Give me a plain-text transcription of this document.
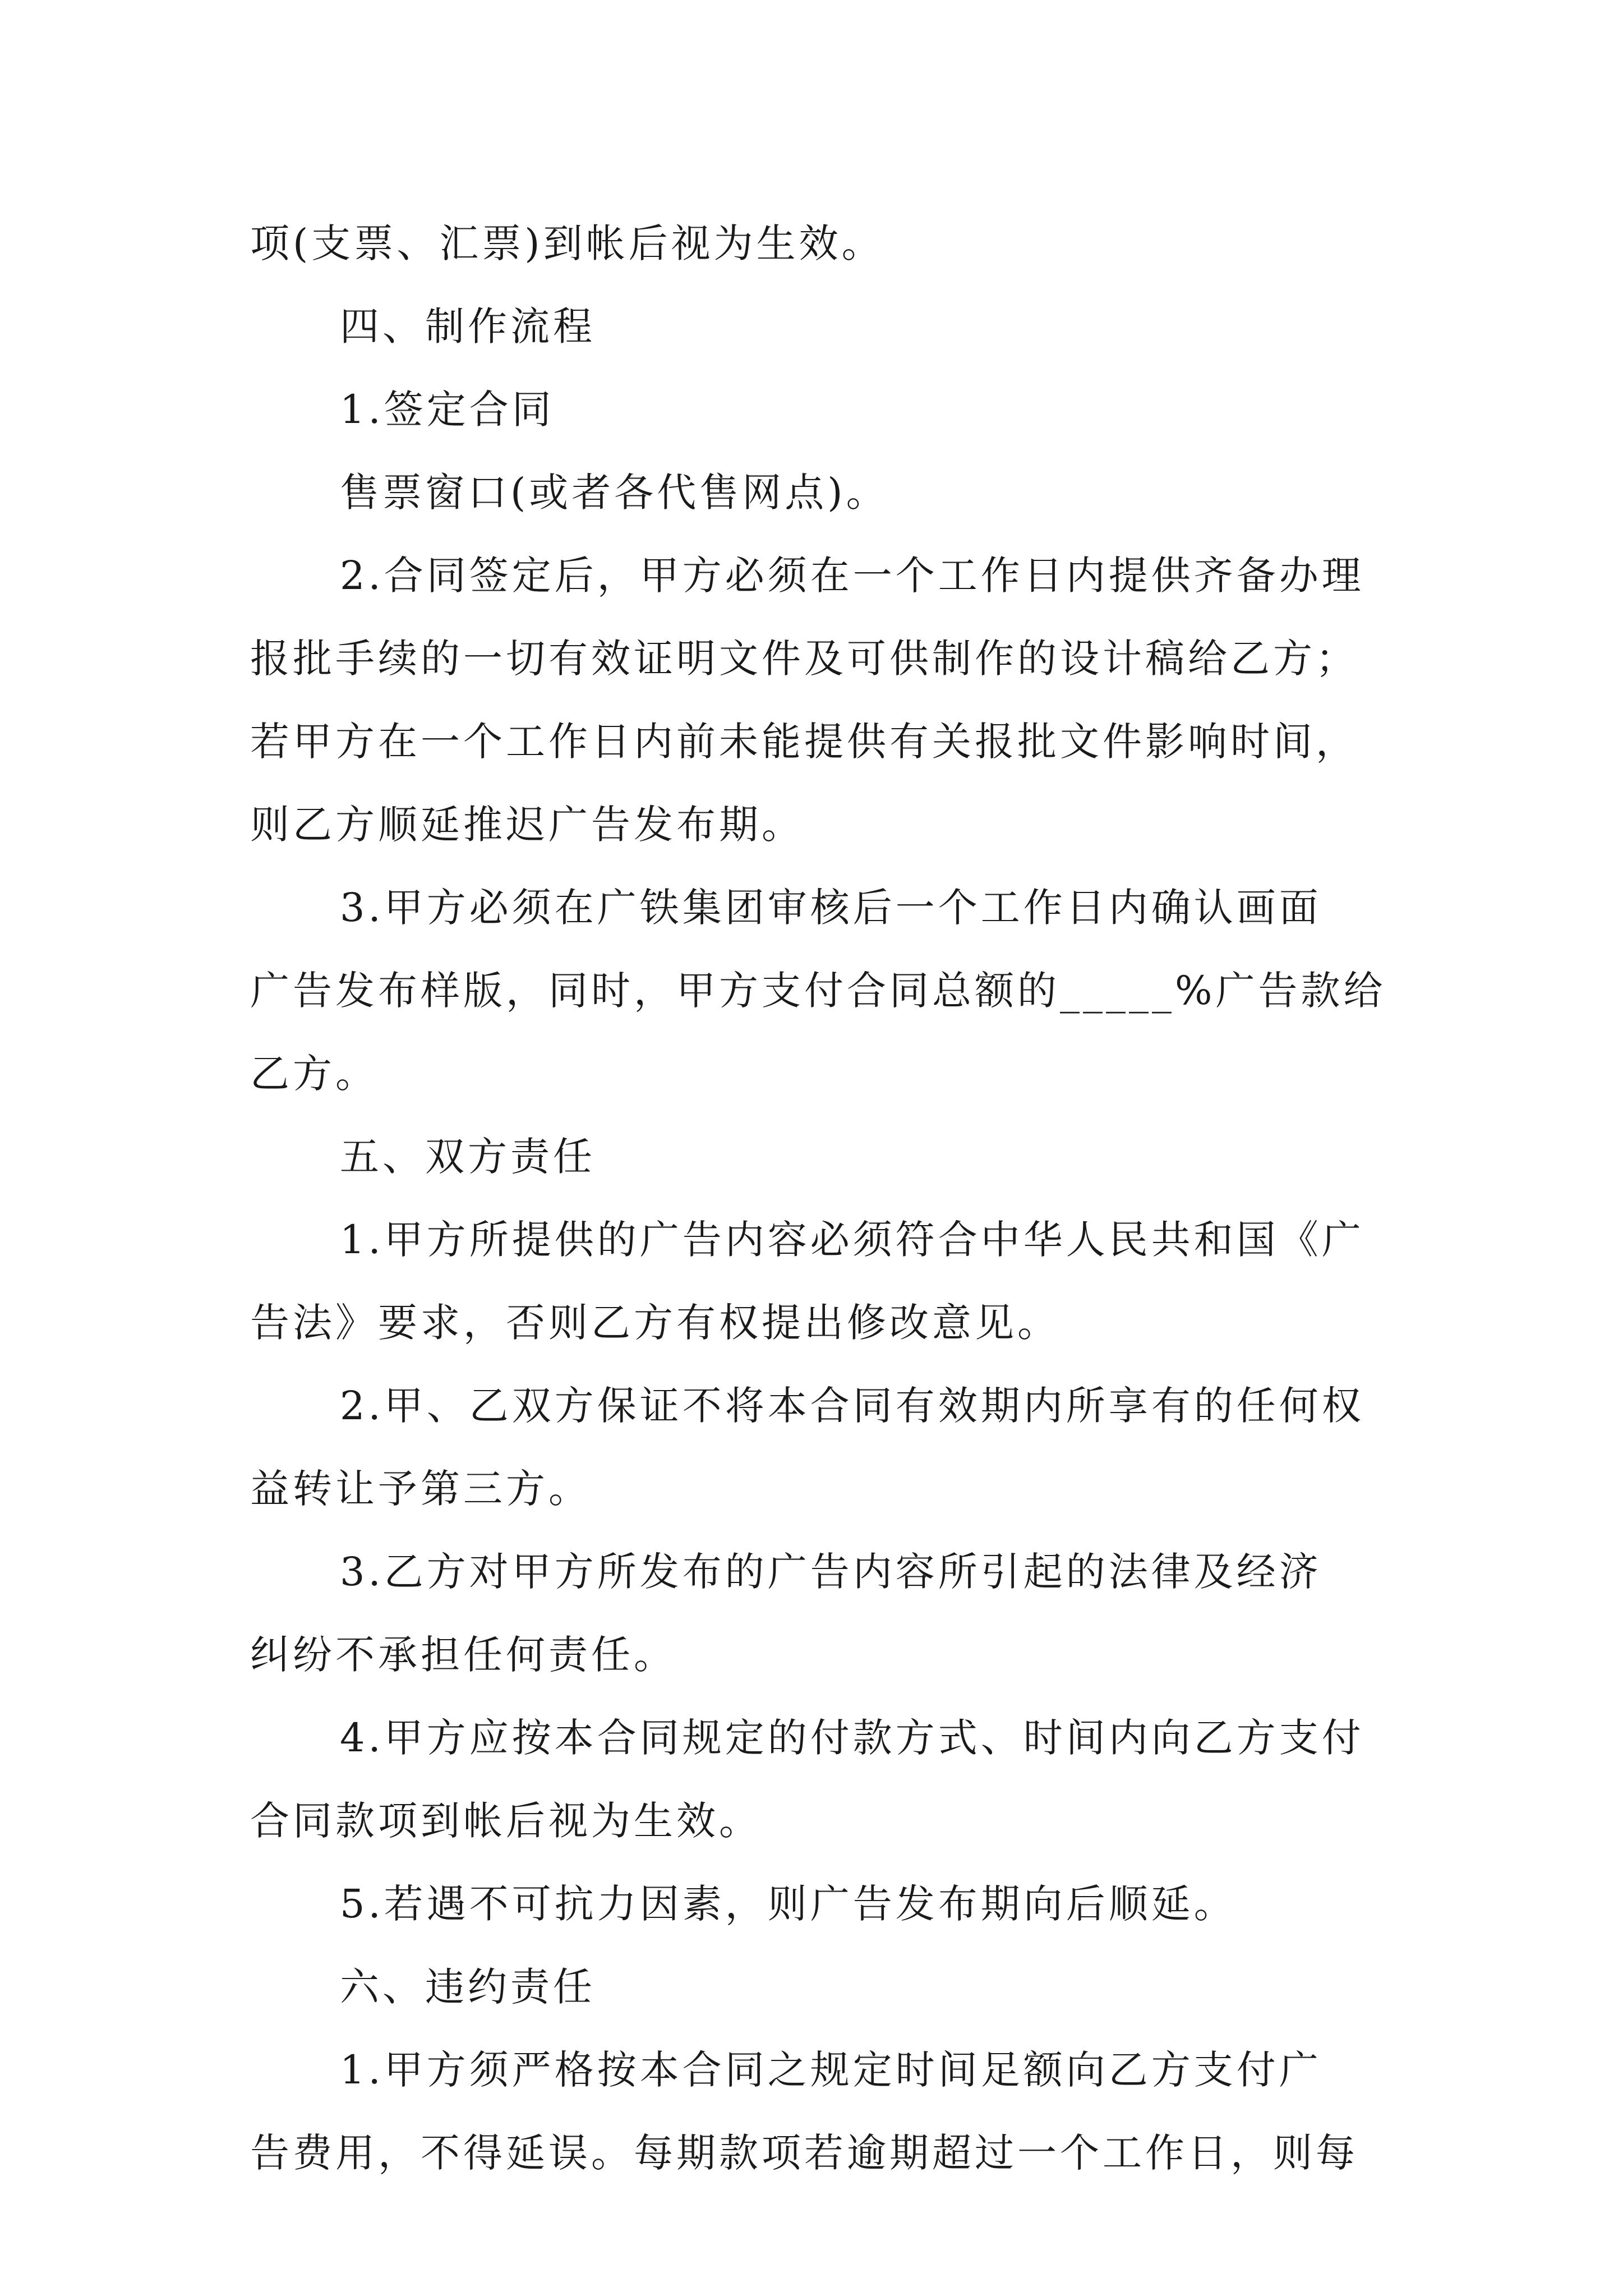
项(支票、汇票)到帐后视为生效。
四、制作流程
1.签定合同
售票窗口(或者各代售网点)。
2.合同签定后，甲方必须在一个工作日内提供齐备办理
报批手续的一切有效证明文件及可供制作的设计稿给乙方；
若甲方在一个工作日内前未能提供有关报批文件影响时间，
则乙方顺延推迟广告发布期。
3.甲方必须在广铁集团审核后一个工作日内确认画面
广告发布样版，同时，甲方支付合同总额的_____%广告款给
乙方。
五、双方责任
1.甲方所提供的广告内容必须符合中华人民共和国《广
告法》要求，否则乙方有权提出修改意见。
2.甲、乙双方保证不将本合同有效期内所享有的任何权
益转让予第三方。
3.乙方对甲方所发布的广告内容所引起的法律及经济
纠纷不承担任何责任。
4.甲方应按本合同规定的付款方式、时间内向乙方支付
合同款项到帐后视为生效。
5.若遇不可抗力因素，则广告发布期向后顺延。
六、违约责任
1.甲方须严格按本合同之规定时间足额向乙方支付广
告费用，不得延误。每期款项若逾期超过一个工作日，则每
